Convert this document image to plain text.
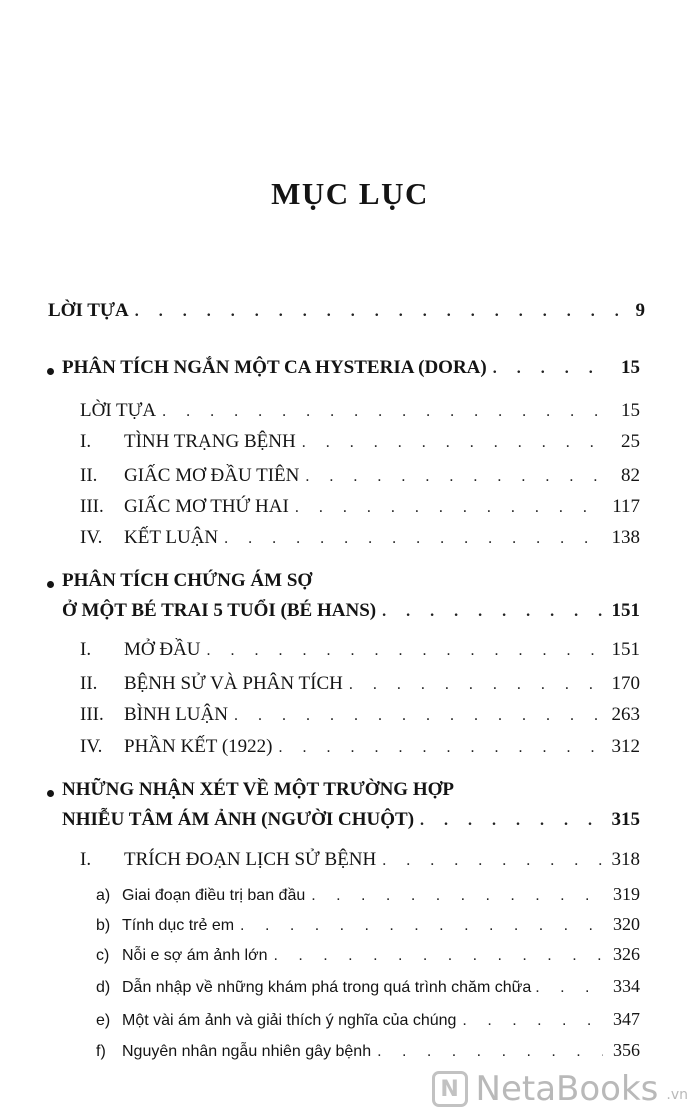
MỤC LỤC
LỜI TỰA . . .	9
PHÂN TÍCH NGẮN MỘT CA HYSTERIA (DORA) . . .	15
LỜI TỰA . . .	15
I.	TÌNH TRẠNG BỆNH . . .	25
II.	GIẤC MƠ ĐẦU TIÊN . . .	82
III.	GIẤC MƠ THỨ HAI . . .	117
IV.	KẾT LUẬN . . .	138
PHÂN TÍCH CHỨNG ÁM SỢ
Ở MỘT BÉ TRAI 5 TUỔI (BÉ HANS) . . .	151
I.	MỞ ĐẦU . . .	151
II.	BỆNH SỬ VÀ PHÂN TÍCH . . .	170
III.	BÌNH LUẬN . . .	263
IV.	PHẦN KẾT (1922) . . .	312
NHỮNG NHẬN XÉT VỀ MỘT TRƯỜNG HỢP
NHIỄU TÂM ÁM ẢNH (NGƯỜI CHUỘT) . . .	315
I.	TRÍCH ĐOẠN LỊCH SỬ BỆNH . . .	318
a) Giai đoạn điều trị ban đầu . . .	319
b) Tính dục trẻ em . . .	320
c) Nỗi e sợ ám ảnh lớn . . .	326
d) Dẫn nhập về những khám phá trong quá trình chăm chữa . . .	334
e) Một vài ám ảnh và giải thích ý nghĩa của chúng . . .	347
f)	Nguyên nhân ngẫu nhiên gây bệnh . . .	356
N NetaBooks .vn
